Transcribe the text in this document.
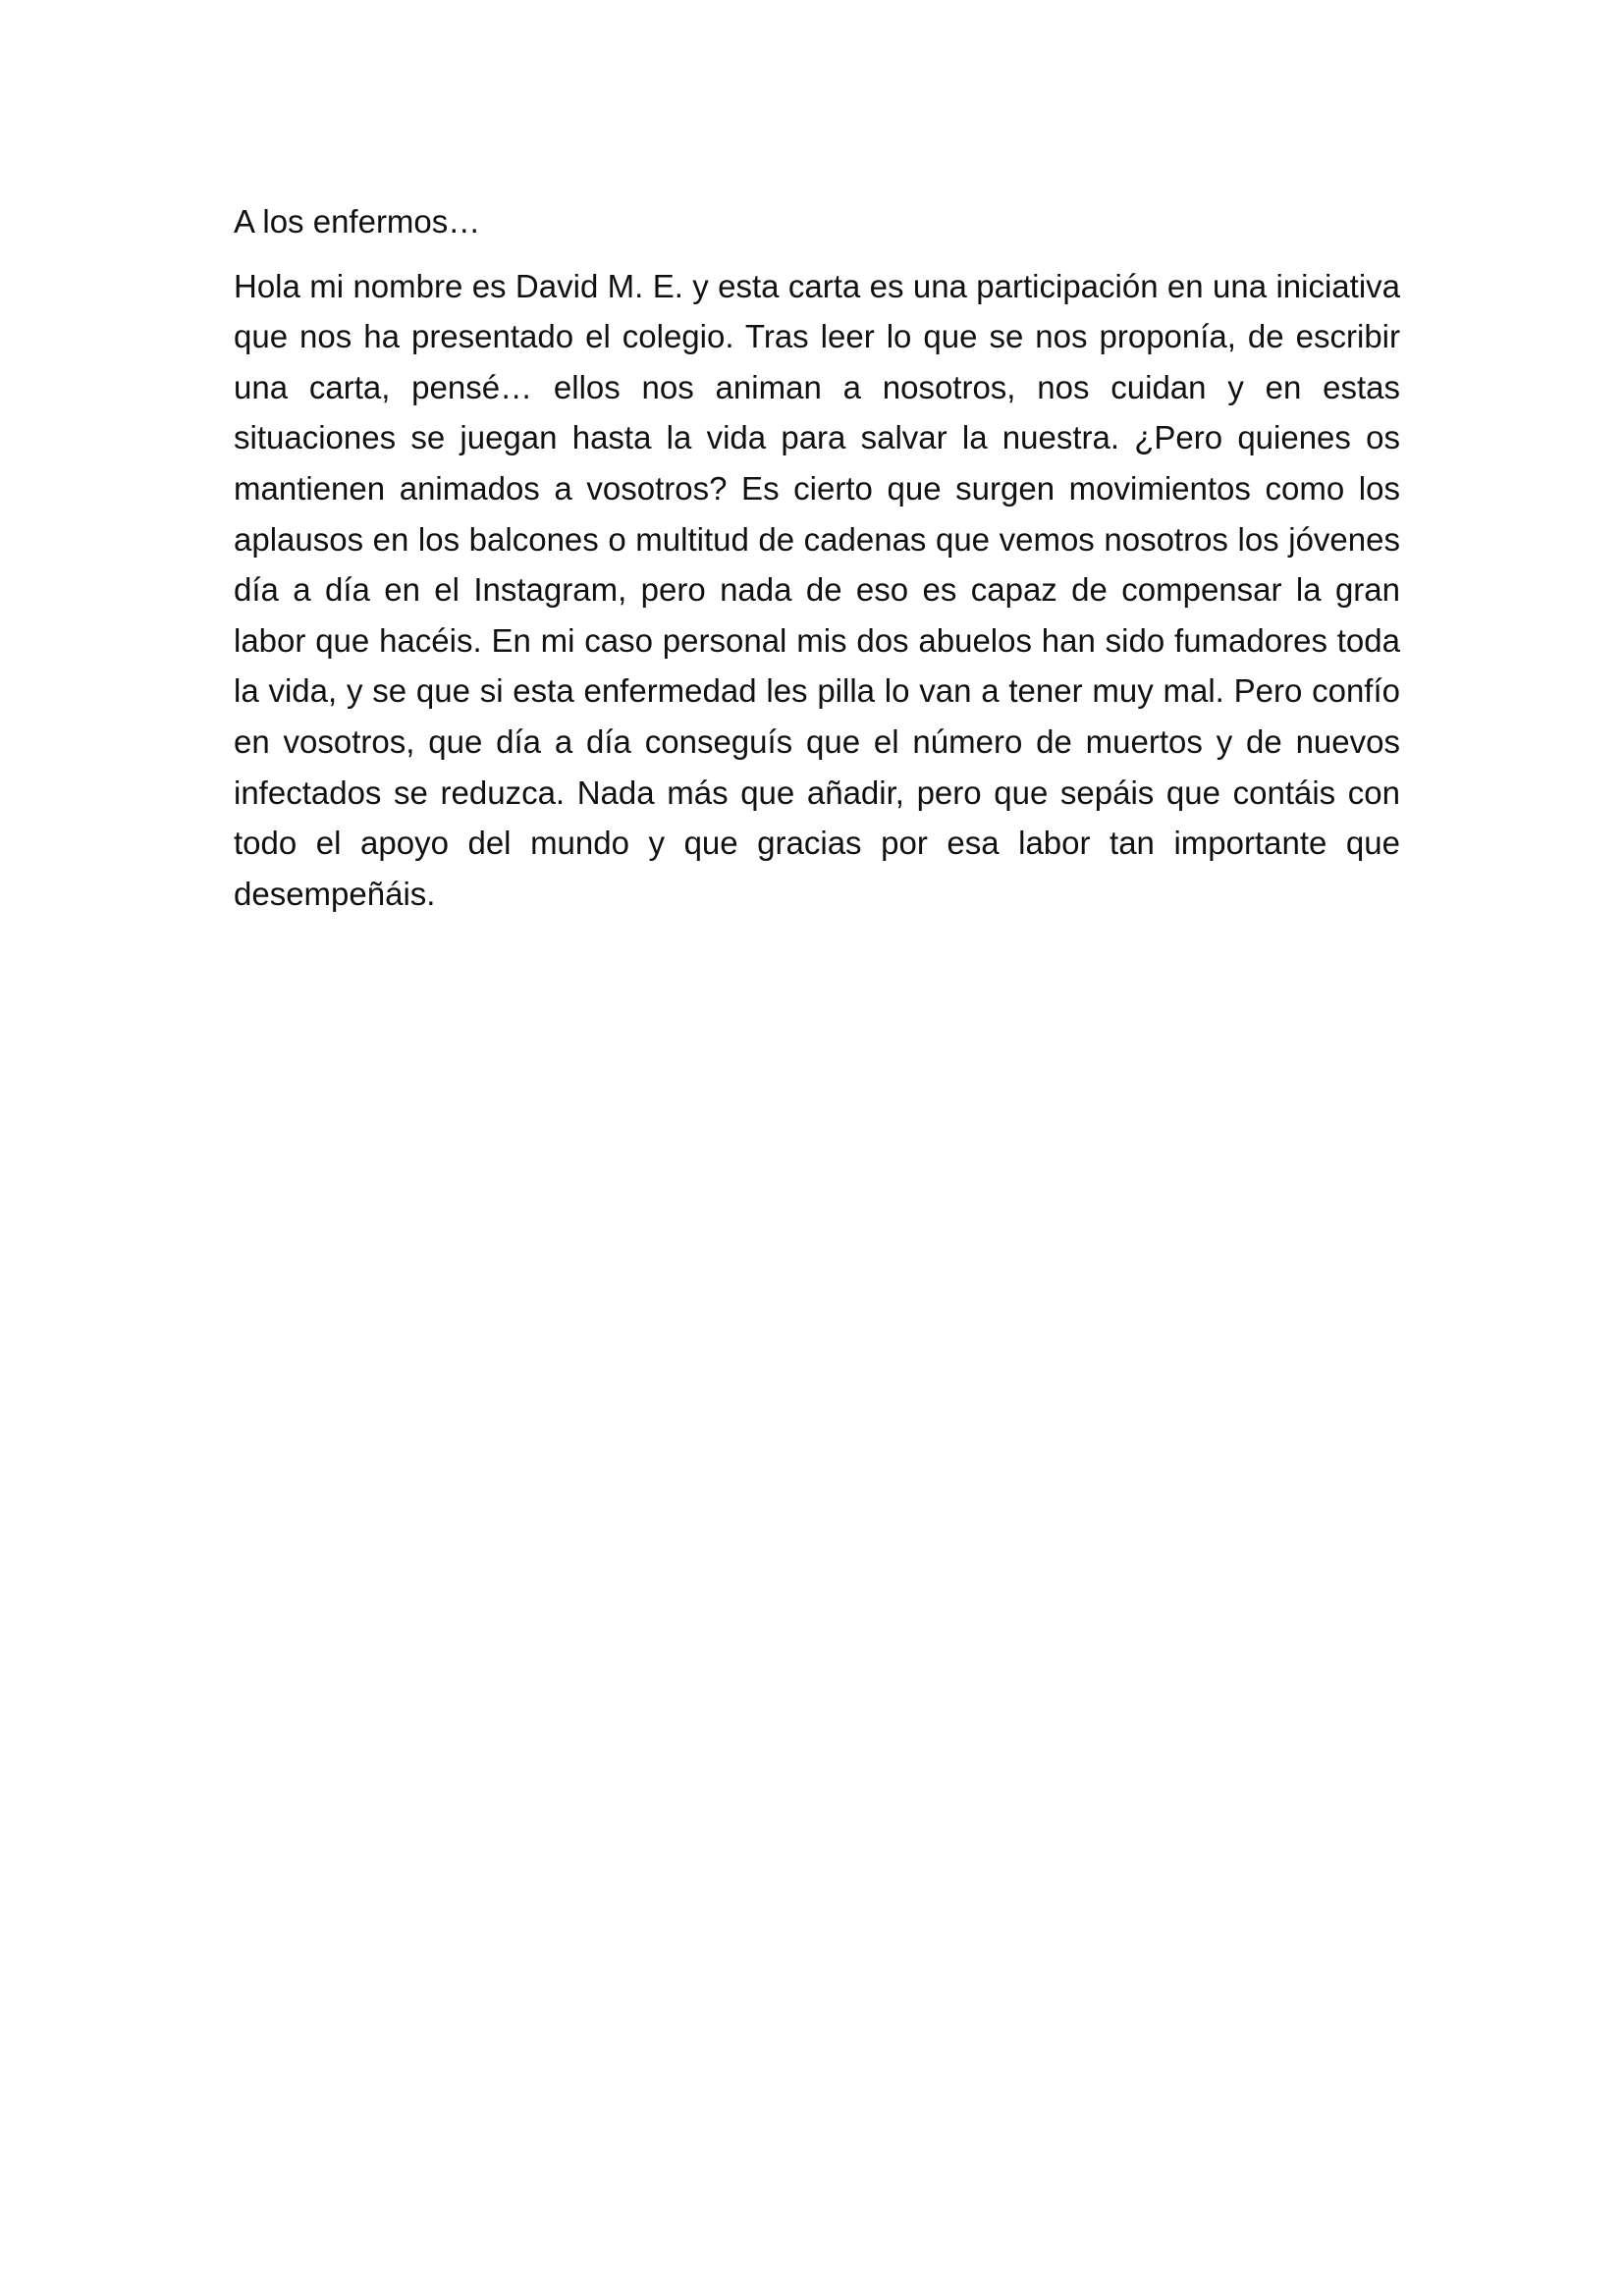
A los enfermos…

Hola mi nombre es David M. E. y esta carta es una participación en una iniciativa que nos ha presentado el colegio. Tras leer lo que se nos proponía, de escribir una carta, pensé… ellos nos animan a nosotros, nos cuidan y en estas situaciones se juegan hasta la vida para salvar la nuestra. ¿Pero quienes os mantienen animados a vosotros? Es cierto que surgen movimientos como los aplausos en los balcones o multitud de cadenas que vemos nosotros los jóvenes día a día en el Instagram, pero nada de eso es capaz de compensar la gran labor que hacéis. En mi caso personal mis dos abuelos han sido fumadores toda la vida, y se que si esta enfermedad les pilla lo van a tener muy mal. Pero confío en vosotros, que día a día conseguís que el número de muertos y de nuevos infectados se reduzca. Nada más que añadir, pero que sepáis que contáis con todo el apoyo del mundo y que gracias por esa labor tan importante que desempeñáis.
